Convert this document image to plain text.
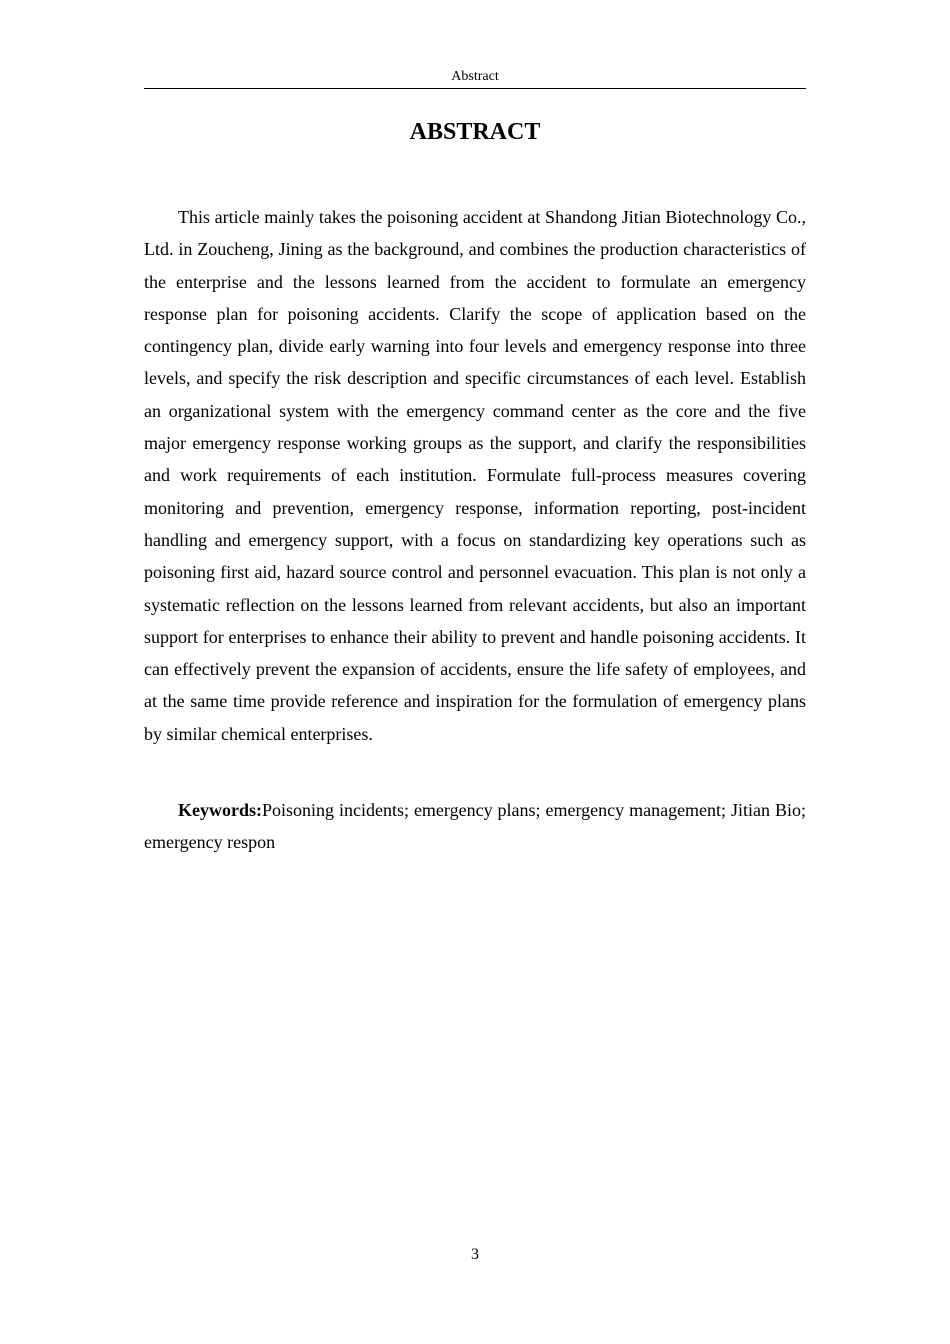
Abstract
ABSTRACT

This article mainly takes the poisoning accident at Shandong Jitian Biotechnology Co., Ltd. in Zoucheng, Jining as the background, and combines the production characteristics of the enterprise and the lessons learned from the accident to formulate an emergency response plan for poisoning accidents. Clarify the scope of application based on the contingency plan, divide early warning into four levels and emergency response into three levels, and specify the risk description and specific circumstances of each level. Establish an organizational system with the emergency command center as the core and the five major emergency response working groups as the support, and clarify the responsibilities and work requirements of each institution. Formulate full-process measures covering monitoring and prevention, emergency response, information reporting, post-incident handling and emergency support, with a focus on standardizing key operations such as poisoning first aid, hazard source control and personnel evacuation. This plan is not only a systematic reflection on the lessons learned from relevant accidents, but also an important support for enterprises to enhance their ability to prevent and handle poisoning accidents. It can effectively prevent the expansion of accidents, ensure the life safety of employees, and at the same time provide reference and inspiration for the formulation of emergency plans by similar chemical enterprises.

Keywords:Poisoning incidents; emergency plans; emergency management; Jitian Bio; emergency respon

3
